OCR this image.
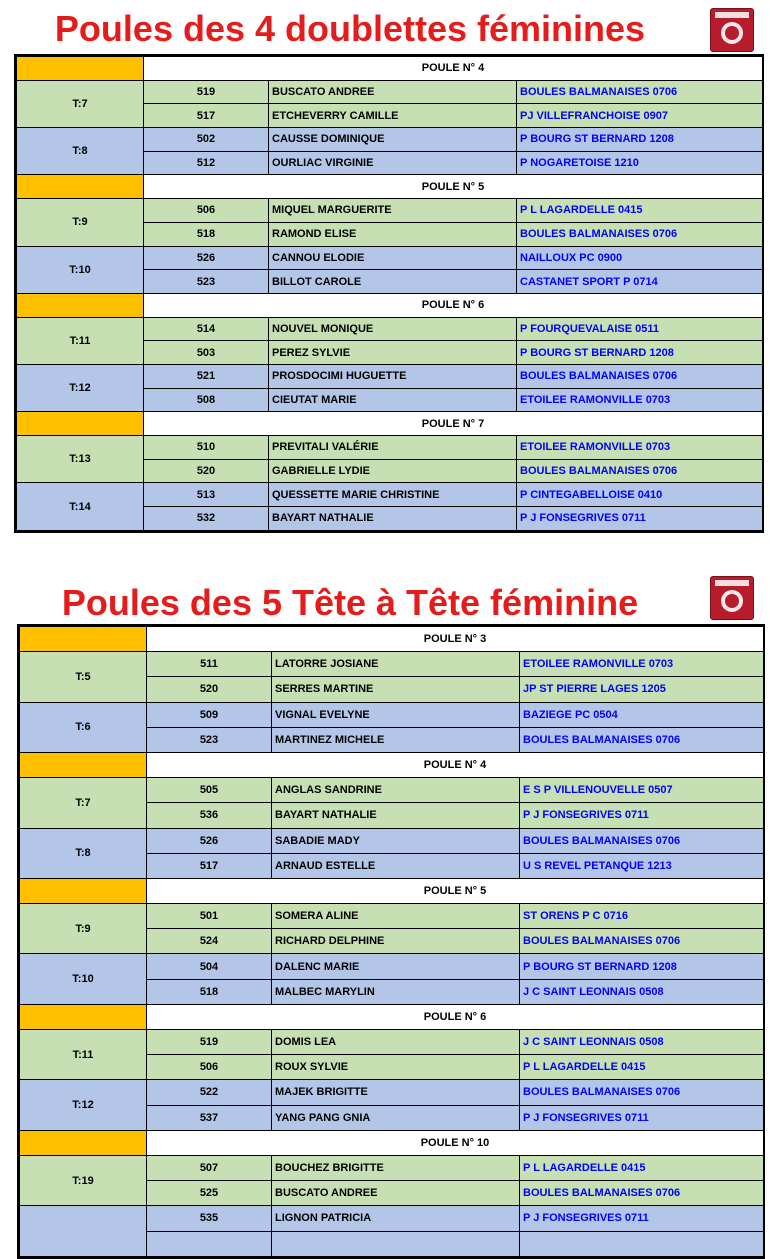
Poules des 4 doublettes féminines
	POULE N° 4		
T:7	519	BUSCATO ANDREE	BOULES BALMANAISES 0706
	517	ETCHEVERRY CAMILLE	PJ VILLEFRANCHOISE 0907
T:8	502	CAUSSE DOMINIQUE	P BOURG ST BERNARD 1208
	512	OURLIAC VIRGINIE	P NOGARETOISE 1210
	POULE N° 5		
T:9	506	MIQUEL MARGUERITE	P L LAGARDELLE 0415
	518	RAMOND ELISE	BOULES BALMANAISES 0706
T:10	526	CANNOU ELODIE	NAILLOUX PC 0900
	523	BILLOT CAROLE	CASTANET SPORT P 0714
	POULE N° 6		
T:11	514	NOUVEL MONIQUE	P FOURQUEVALAISE 0511
	503	PEREZ SYLVIE	P BOURG ST BERNARD 1208
T:12	521	PROSDOCIMI HUGUETTE	BOULES BALMANAISES 0706
	508	CIEUTAT MARIE	ETOILEE RAMONVILLE 0703
	POULE N° 7		
T:13	510	PREVITALI VALÉRIE	ETOILEE RAMONVILLE 0703
	520	GABRIELLE LYDIE	BOULES BALMANAISES 0706
T:14	513	QUESSETTE MARIE CHRISTINE	P CINTEGABELLOISE 0410
	532	BAYART NATHALIE	P J FONSEGRIVES 0711
Poules des 5 Tête à Tête féminine
	POULE N° 3		
T:5	511	LATORRE JOSIANE	ETOILEE RAMONVILLE 0703
	520	SERRES MARTINE	JP ST PIERRE LAGES 1205
T:6	509	VIGNAL EVELYNE	BAZIEGE PC 0504
	523	MARTINEZ MICHELE	BOULES BALMANAISES 0706
	POULE N° 4		
T:7	505	ANGLAS SANDRINE	E S P VILLENOUVELLE 0507
	536	BAYART NATHALIE	P J FONSEGRIVES 0711
T:8	526	SABADIE MADY	BOULES BALMANAISES 0706
	517	ARNAUD ESTELLE	U S REVEL PETANQUE 1213
	POULE N° 5		
T:9	501	SOMERA ALINE	ST ORENS P C 0716
	524	RICHARD DELPHINE	BOULES BALMANAISES 0706
T:10	504	DALENC MARIE	P BOURG ST BERNARD 1208
	518	MALBEC MARYLIN	J C SAINT LEONNAIS 0508
	POULE N° 6		
T:11	519	DOMIS LEA	J C SAINT LEONNAIS 0508
	506	ROUX SYLVIE	P L LAGARDELLE 0415
T:12	522	MAJEK BRIGITTE	BOULES BALMANAISES 0706
	537	YANG PANG GNIA	P J FONSEGRIVES 0711
	POULE N° 10		
T:19	507	BOUCHEZ BRIGITTE	P L LAGARDELLE 0415
	525	BUSCATO ANDREE	BOULES BALMANAISES 0706
	535	LIGNON PATRICIA	P J FONSEGRIVES 0711
